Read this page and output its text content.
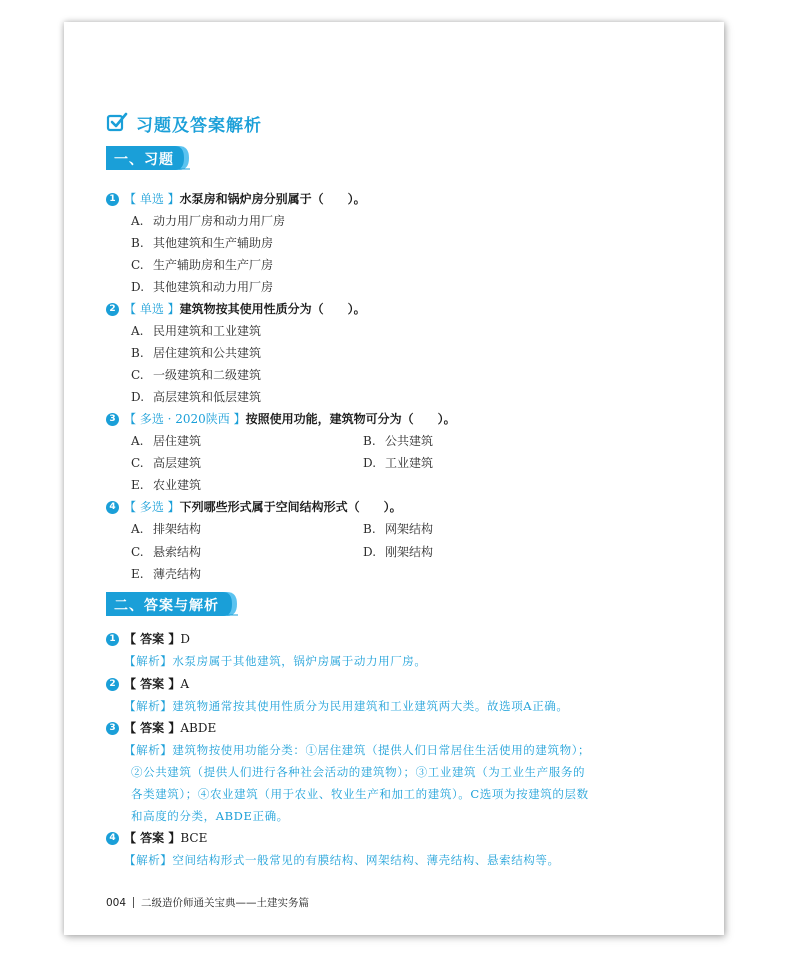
习题及答案解析
一、习题
1 【 单选 】水泵房和锅炉房分别属于（　　）。
A. 动力用厂房和动力用厂房
B. 其他建筑和生产辅助房
C. 生产辅助房和生产厂房
D. 其他建筑和动力用厂房
2 【 单选 】建筑物按其使用性质分为（　　）。
A. 民用建筑和工业建筑
B. 居住建筑和公共建筑
C. 一级建筑和二级建筑
D. 高层建筑和低层建筑
3 【 多选 · 2020陕西 】按照使用功能，建筑物可分为（　　）。
A. 居住建筑	B. 公共建筑
C. 高层建筑	D. 工业建筑
E. 农业建筑
4 【 多选 】下列哪些形式属于空间结构形式（　　）。
A. 排架结构	B. 网架结构
C. 悬索结构	D. 刚架结构
E. 薄壳结构
二、答案与解析
1 【 答案 】D
【解析】水泵房属于其他建筑，锅炉房属于动力用厂房。
2 【 答案 】A
【解析】建筑物通常按其使用性质分为民用建筑和工业建筑两大类。故选项A正确。
3 【 答案 】ABDE
【解析】建筑物按使用功能分类：①居住建筑（提供人们日常居住生活使用的建筑物）；
②公共建筑（提供人们进行各种社会活动的建筑物）；③工业建筑（为工业生产服务的
各类建筑）；④农业建筑（用于农业、牧业生产和加工的建筑）。C选项为按建筑的层数
和高度的分类，ABDE正确。
4 【 答案 】BCE
【解析】空间结构形式一般常见的有膜结构、网架结构、薄壳结构、悬索结构等。
004 二级造价师通关宝典——土建实务篇
